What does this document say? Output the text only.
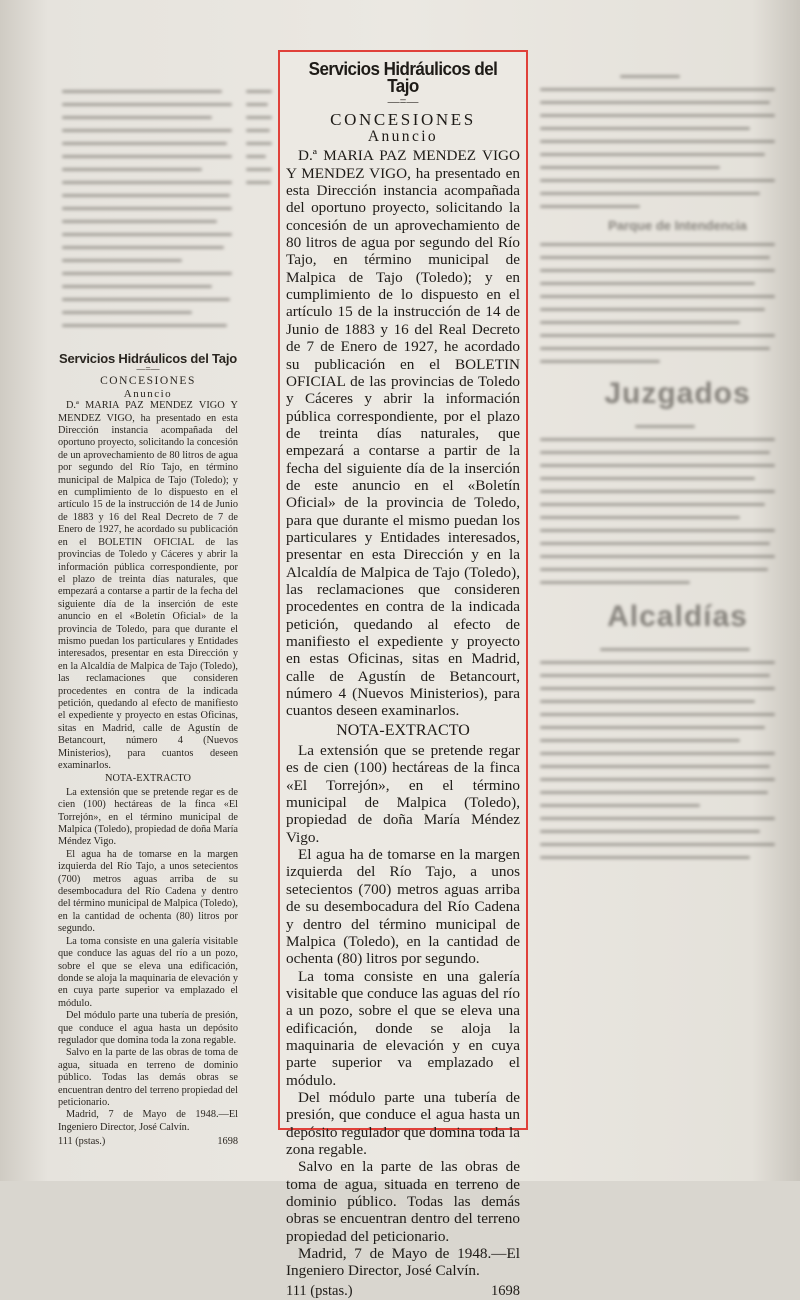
Parque de Intendencia
Juzgados
Alcaldías
Servicios Hidráulicos del Tajo
—=—
CONCESIONES
Anuncio

D.ª MARIA PAZ MENDEZ VIGO Y MENDEZ VIGO, ha presentado en esta Dirección instancia acompañada del oportuno proyecto, solicitando la concesión de un aprovechamiento de 80 litros de agua por segundo del Río Tajo, en término municipal de Malpica de Tajo (Toledo); y en cumplimiento de lo dispuesto en el artículo 15 de la instrucción de 14 de Junio de 1883 y 16 del Real Decreto de 7 de Enero de 1927, he acordado su publicación en el BOLETIN OFICIAL de las provincias de Toledo y Cáceres y abrir la información pública correspondiente, por el plazo de treinta días naturales, que empezará a contarse a partir de la fecha del siguiente día de la inserción de este anuncio en el «Boletín Oficial» de la provincia de Toledo, para que durante el mismo puedan los particulares y Entidades interesados, presentar en esta Dirección y en la Alcaldía de Malpica de Tajo (Toledo), las reclamaciones que consideren procedentes en contra de la indicada petición, quedando al efecto de manifiesto el expediente y proyecto en estas Oficinas, sitas en Madrid, calle de Agustín de Betancourt, número 4 (Nuevos Ministerios), para cuantos deseen examinarlos.

NOTA-EXTRACTO

La extensión que se pretende regar es de cien (100) hectáreas de la finca «El Torrejón», en el término municipal de Malpica (Toledo), propiedad de doña María Méndez Vigo.

El agua ha de tomarse en la margen izquierda del Río Tajo, a unos setecientos (700) metros aguas arriba de su desembocadura del Río Cadena y dentro del término municipal de Malpica (Toledo), en la cantidad de ochenta (80) litros por segundo.

La toma consiste en una galería visitable que conduce las aguas del río a un pozo, sobre el que se eleva una edificación, donde se aloja la maquinaria de elevación y en cuya parte superior va emplazado el módulo.

Del módulo parte una tubería de presión, que conduce el agua hasta un depósito regulador que domina toda la zona regable.

Salvo en la parte de las obras de toma de agua, situada en terreno de dominio público. Todas las demás obras se encuentran dentro del terreno propiedad del peticionario.

Madrid, 7 de Mayo de 1948.—El Ingeniero Director, José Calvín.

111 (pstas.)	1698
Servicios Hidráulicos del Tajo
—=—
CONCESIONES
Anuncio

D.ª MARIA PAZ MENDEZ VIGO Y MENDEZ VIGO, ha presentado en esta Dirección instancia acompañada del oportuno proyecto, solicitando la concesión de un aprovechamiento de 80 litros de agua por segundo del Río Tajo, en término municipal de Malpica de Tajo (Toledo); y en cumplimiento de lo dispuesto en el artículo 15 de la instrucción de 14 de Junio de 1883 y 16 del Real Decreto de 7 de Enero de 1927, he acordado su publicación en el BOLETIN OFICIAL de las provincias de Toledo y Cáceres y abrir la información pública correspondiente, por el plazo de treinta días naturales, que empezará a contarse a partir de la fecha del siguiente día de la inserción de este anuncio en el «Boletín Oficial» de la provincia de Toledo, para que durante el mismo puedan los particulares y Entidades interesados, presentar en esta Dirección y en la Alcaldía de Malpica de Tajo (Toledo), las reclamaciones que consideren procedentes en contra de la indicada petición, quedando al efecto de manifiesto el expediente y proyecto en estas Oficinas, sitas en Madrid, calle de Agustín de Betancourt, número 4 (Nuevos Ministerios), para cuantos deseen examinarlos.

NOTA-EXTRACTO

La extensión que se pretende regar es de cien (100) hectáreas de la finca «El Torrejón», en el término municipal de Malpica (Toledo), propiedad de doña María Méndez Vigo.

El agua ha de tomarse en la margen izquierda del Río Tajo, a unos setecientos (700) metros aguas arriba de su desembocadura del Río Cadena y dentro del término municipal de Malpica (Toledo), en la cantidad de ochenta (80) litros por segundo.

La toma consiste en una galería visitable que conduce las aguas del río a un pozo, sobre el que se eleva una edificación, donde se aloja la maquinaria de elevación y en cuya parte superior va emplazado el módulo.

Del módulo parte una tubería de presión, que conduce el agua hasta un depósito regulador que domina toda la zona regable.

Salvo en la parte de las obras de toma de agua, situada en terreno de dominio público. Todas las demás obras se encuentran dentro del terreno propiedad del peticionario.

Madrid, 7 de Mayo de 1948.—El Ingeniero Director, José Calvín.

111 (pstas.)	1698
